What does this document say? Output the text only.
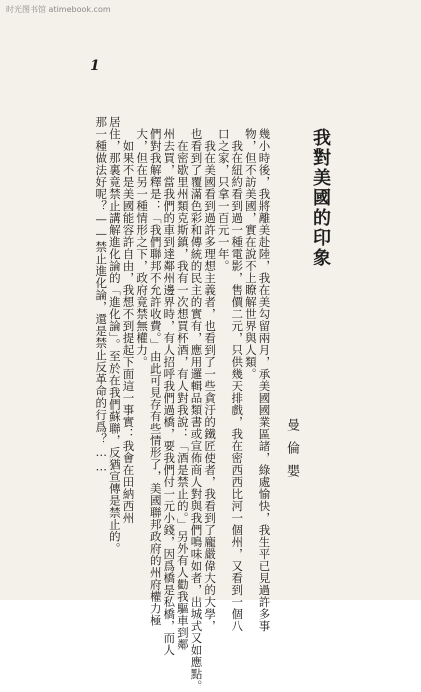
时光图书馆 atimebook.com
1
我對美國的印象
曼倫嬰
幾小時後，我將離美赴陸，我在美勾留兩月，承美國國業區諸，綠處愉快，我生平已見過許多事
物，但不訪美國，實在說不上瞭解世界與人類。
我在紐約看到過一種電影，售價二元，只供幾天排戲，我在密西西比河一個州，又看到一個八
口之家，只拿一百元一年。
我在美國看到過許多理想主義者，也看到了一些貪汙的鐵匠使者，我看到了龐嚴偉大的大學，
也看到了覆滿色彩和傳統的民主的實有，應用邏輯品類書或宣佈商人對與我們鳴味如者，出城式又如應點。
在密歇里州類克斯鎮，我有一次想買杯酒，有人對我說：「酒是禁止的。」另外有人勸我驅車到鄰
州去買，當我們的車到達鄰州邊界時，有人招呼我們過橋，要我們付一元小錢，因爲橋是私橋，而人
們對我解釋是：「我們聯邦不允許收費。」由此可見存有些情形了，美國聯邦政府的州府權力極
大，但在另一種情形之下，政府竟禁無權力。
如果不是美國能容許自由，我想不到提起下面這一事實：我會在田納西州
居住，那裏竟禁止講解進化論的「進化論」。至於在我們蘇聯，反猶宣傳是禁止的。
那一種做法好呢？——禁止進化論，還是禁止反革命的行爲？……
